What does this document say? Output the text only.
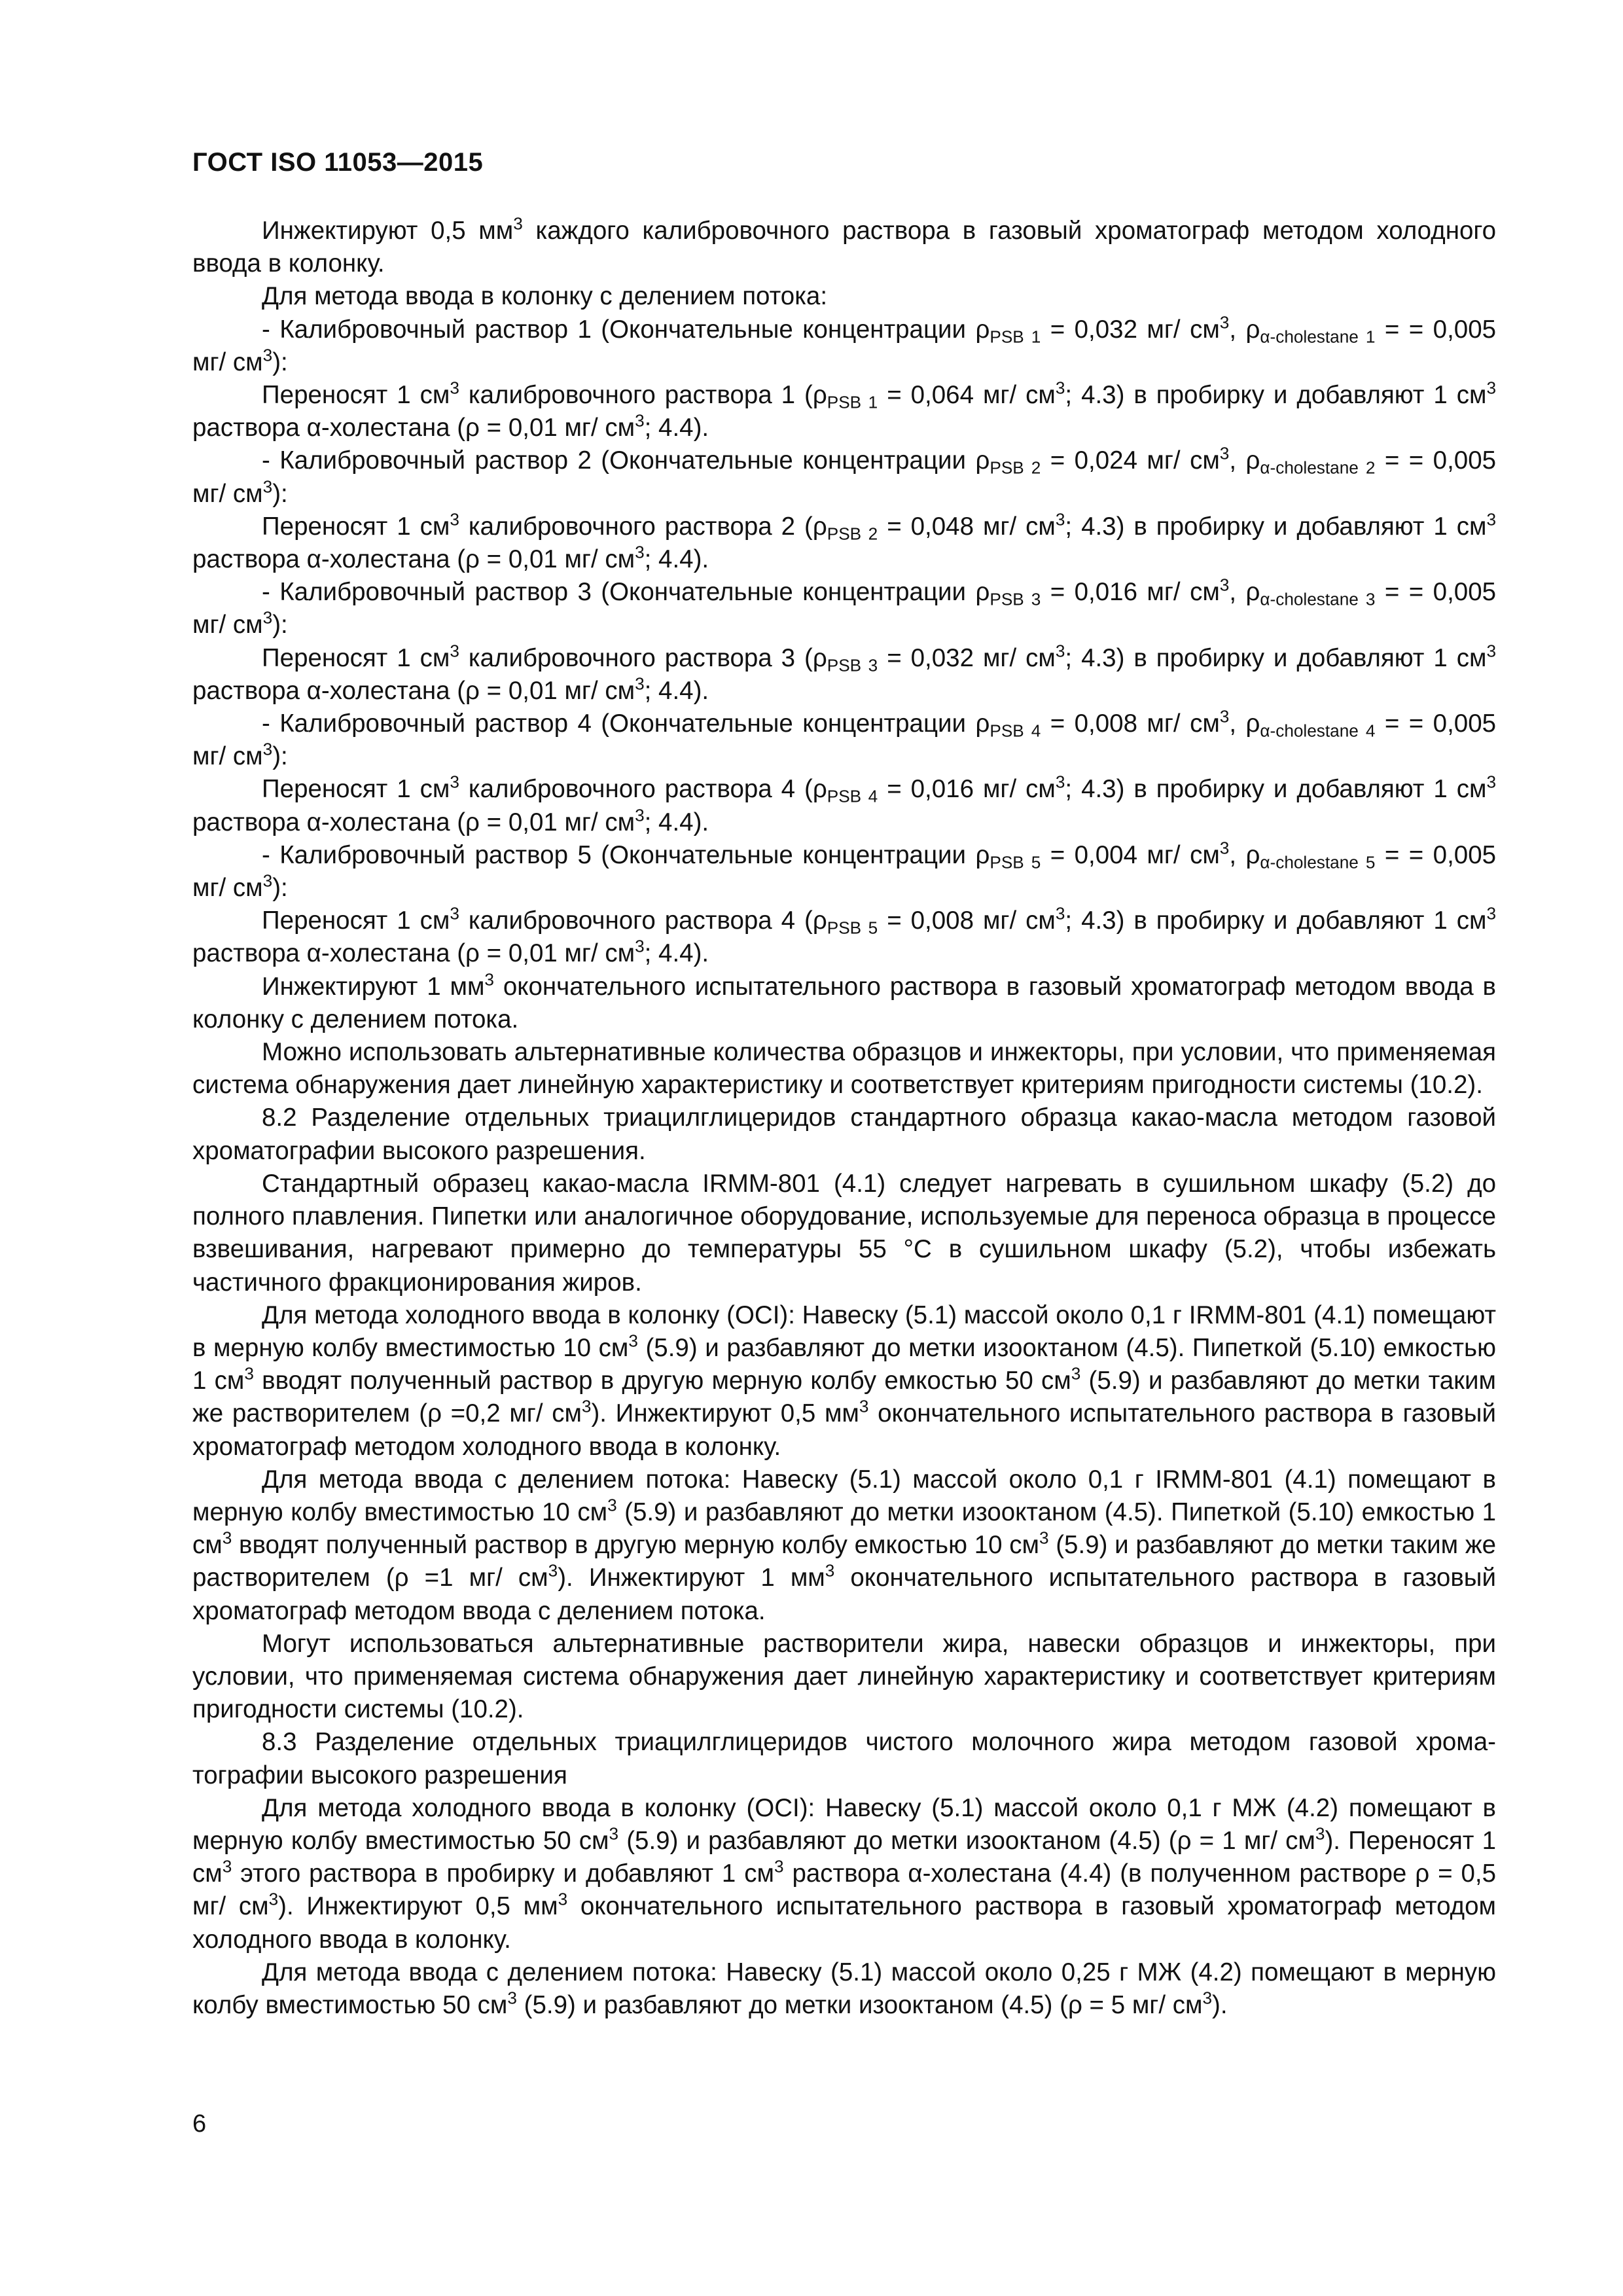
ГОСТ ISO 11053—2015

Инжектируют 0,5 $мм^3$ каждого калибровочного раствора в газовый хроматограф методом холодного ввода в колонку.

Для метода ввода в колонку с делением потока:

- Калибровочный раствор 1 (Окончательные концентрации $\rho_{PSB 1} = 0,032$ мг/ $см^3$, $\rho_{\alpha-cholestane 1}$ = = 0,005 мг/ $см^3$):

Переносят 1 $см^3$ калибровочного раствора 1 ($\rho_{PSB 1} = 0,064$ мг/ $см^3$; 4.3) в пробирку и добавляют 1 $см^3$ раствора α-холестана (ρ = 0,01 мг/ $см^3$; 4.4).

- Калибровочный раствор 2 (Окончательные концентрации $\rho_{PSB 2} = 0,024$ мг/ $см^3$, $\rho_{\alpha-cholestane 2}$ = = 0,005 мг/ $см^3$):

Переносят 1 $см^3$ калибровочного раствора 2 ($\rho_{PSB 2} = 0,048$ мг/ $см^3$; 4.3) в пробирку и добавляют 1 $см^3$ раствора α-холестана (ρ = 0,01 мг/ $см^3$; 4.4).

- Калибровочный раствор 3 (Окончательные концентрации $\rho_{PSB 3} = 0,016$ мг/ $см^3$, $\rho_{\alpha-cholestane 3}$ = = 0,005 мг/ $см^3$):

Переносят 1 $см^3$ калибровочного раствора 3 ($\rho_{PSB 3} = 0,032$ мг/ $см^3$; 4.3) в пробирку и добавляют 1 $см^3$ раствора α-холестана (ρ = 0,01 мг/ $см^3$; 4.4).

- Калибровочный раствор 4 (Окончательные концентрации $\rho_{PSB 4} = 0,008$ мг/ $см^3$, $\rho_{\alpha-cholestane 4}$ = = 0,005 мг/ $см^3$):

Переносят 1 $см^3$ калибровочного раствора 4 ($\rho_{PSB 4} = 0,016$ мг/ $см^3$; 4.3) в пробирку и добавляют 1 $см^3$ раствора α-холестана (ρ = 0,01 мг/ $см^3$; 4.4).

- Калибровочный раствор 5 (Окончательные концентрации $\rho_{PSB 5} = 0,004$ мг/ $см^3$, $\rho_{\alpha-cholestane 5}$ = = 0,005 мг/ $см^3$):

Переносят 1 $см^3$ калибровочного раствора 4 ($\rho_{PSB 5} = 0,008$ мг/ $см^3$; 4.3) в пробирку и добавляют 1 $см^3$ раствора α-холестана (ρ = 0,01 мг/ $см^3$; 4.4).

Инжектируют 1 $мм^3$ окончательного испытательного раствора в газовый хроматограф методом ввода в колонку с делением потока.

Можно использовать альтернативные количества образцов и инжекторы, при условии, что применяемая система обнаружения дает линейную характеристику и соответствует критериям пригодности системы (10.2).

8.2 Разделение отдельных триацилглицеридов стандартного образца какао-масла методом газовой хроматографии высокого разрешения.

Стандартный образец какао-масла IRMM-801 (4.1) следует нагревать в сушильном шкафу (5.2) до полного плавления. Пипетки или аналогичное оборудование, используемые для переноса образца в процессе взвешивания, нагревают примерно до температуры 55 °С в сушильном шкафу (5.2), чтобы избежать частичного фракционирования жиров.

Для метода холодного ввода в колонку (OCI): Навеску (5.1) массой около 0,1 г IRMM-801 (4.1) помещают в мерную колбу вместимостью 10 $см^3$ (5.9) и разбавляют до метки изооктаном (4.5). Пипеткой (5.10) емкостью 1 $см^3$ вводят полученный раствор в другую мерную колбу емкостью 50 $см^3$ (5.9) и разбавляют до метки таким же растворителем (ρ =0,2 мг/ $см^3$). Инжектируют 0,5 $мм^3$ окончательного испытательного раствора в газовый хроматограф методом холодного ввода в колонку.

Для метода ввода с делением потока: Навеску (5.1) массой около 0,1 г IRMM-801 (4.1) помещают в мерную колбу вместимостью 10 $см^3$ (5.9) и разбавляют до метки изооктаном (4.5). Пипеткой (5.10) емкостью 1 $см^3$ вводят полученный раствор в другую мерную колбу емкостью 10 $см^3$ (5.9) и разбавляют до метки таким же растворителем (ρ =1 мг/ $см^3$). Инжектируют 1 $мм^3$ окончательного испытательного раствора в газовый хроматограф методом ввода с делением потока.

Могут использоваться альтернативные растворители жира, навески образцов и инжекторы, при условии, что применяемая система обнаружения дает линейную характеристику и соответствует критериям пригодности системы (10.2).

8.3 Разделение отдельных триацилглицеридов чистого молочного жира методом газовой хроматографии высокого разрешения

Для метода холодного ввода в колонку (OCI): Навеску (5.1) массой около 0,1 г МЖ (4.2) помещают в мерную колбу вместимостью 50 $см^3$ (5.9) и разбавляют до метки изооктаном (4.5) (ρ = 1 мг/ $см^3$). Переносят 1 $см^3$ этого раствора в пробирку и добавляют 1 $см^3$ раствора α-холестана (4.4) (в полученном растворе ρ = 0,5 мг/ $см^3$). Инжектируют 0,5 $мм^3$ окончательного испытательного раствора в газовый хроматограф методом холодного ввода в колонку.

Для метода ввода с делением потока: Навеску (5.1) массой около 0,25 г МЖ (4.2) помещают в мерную колбу вместимостью 50 $см^3$ (5.9) и разбавляют до метки изооктаном (4.5) (ρ = 5 мг/ $см^3$).

6
